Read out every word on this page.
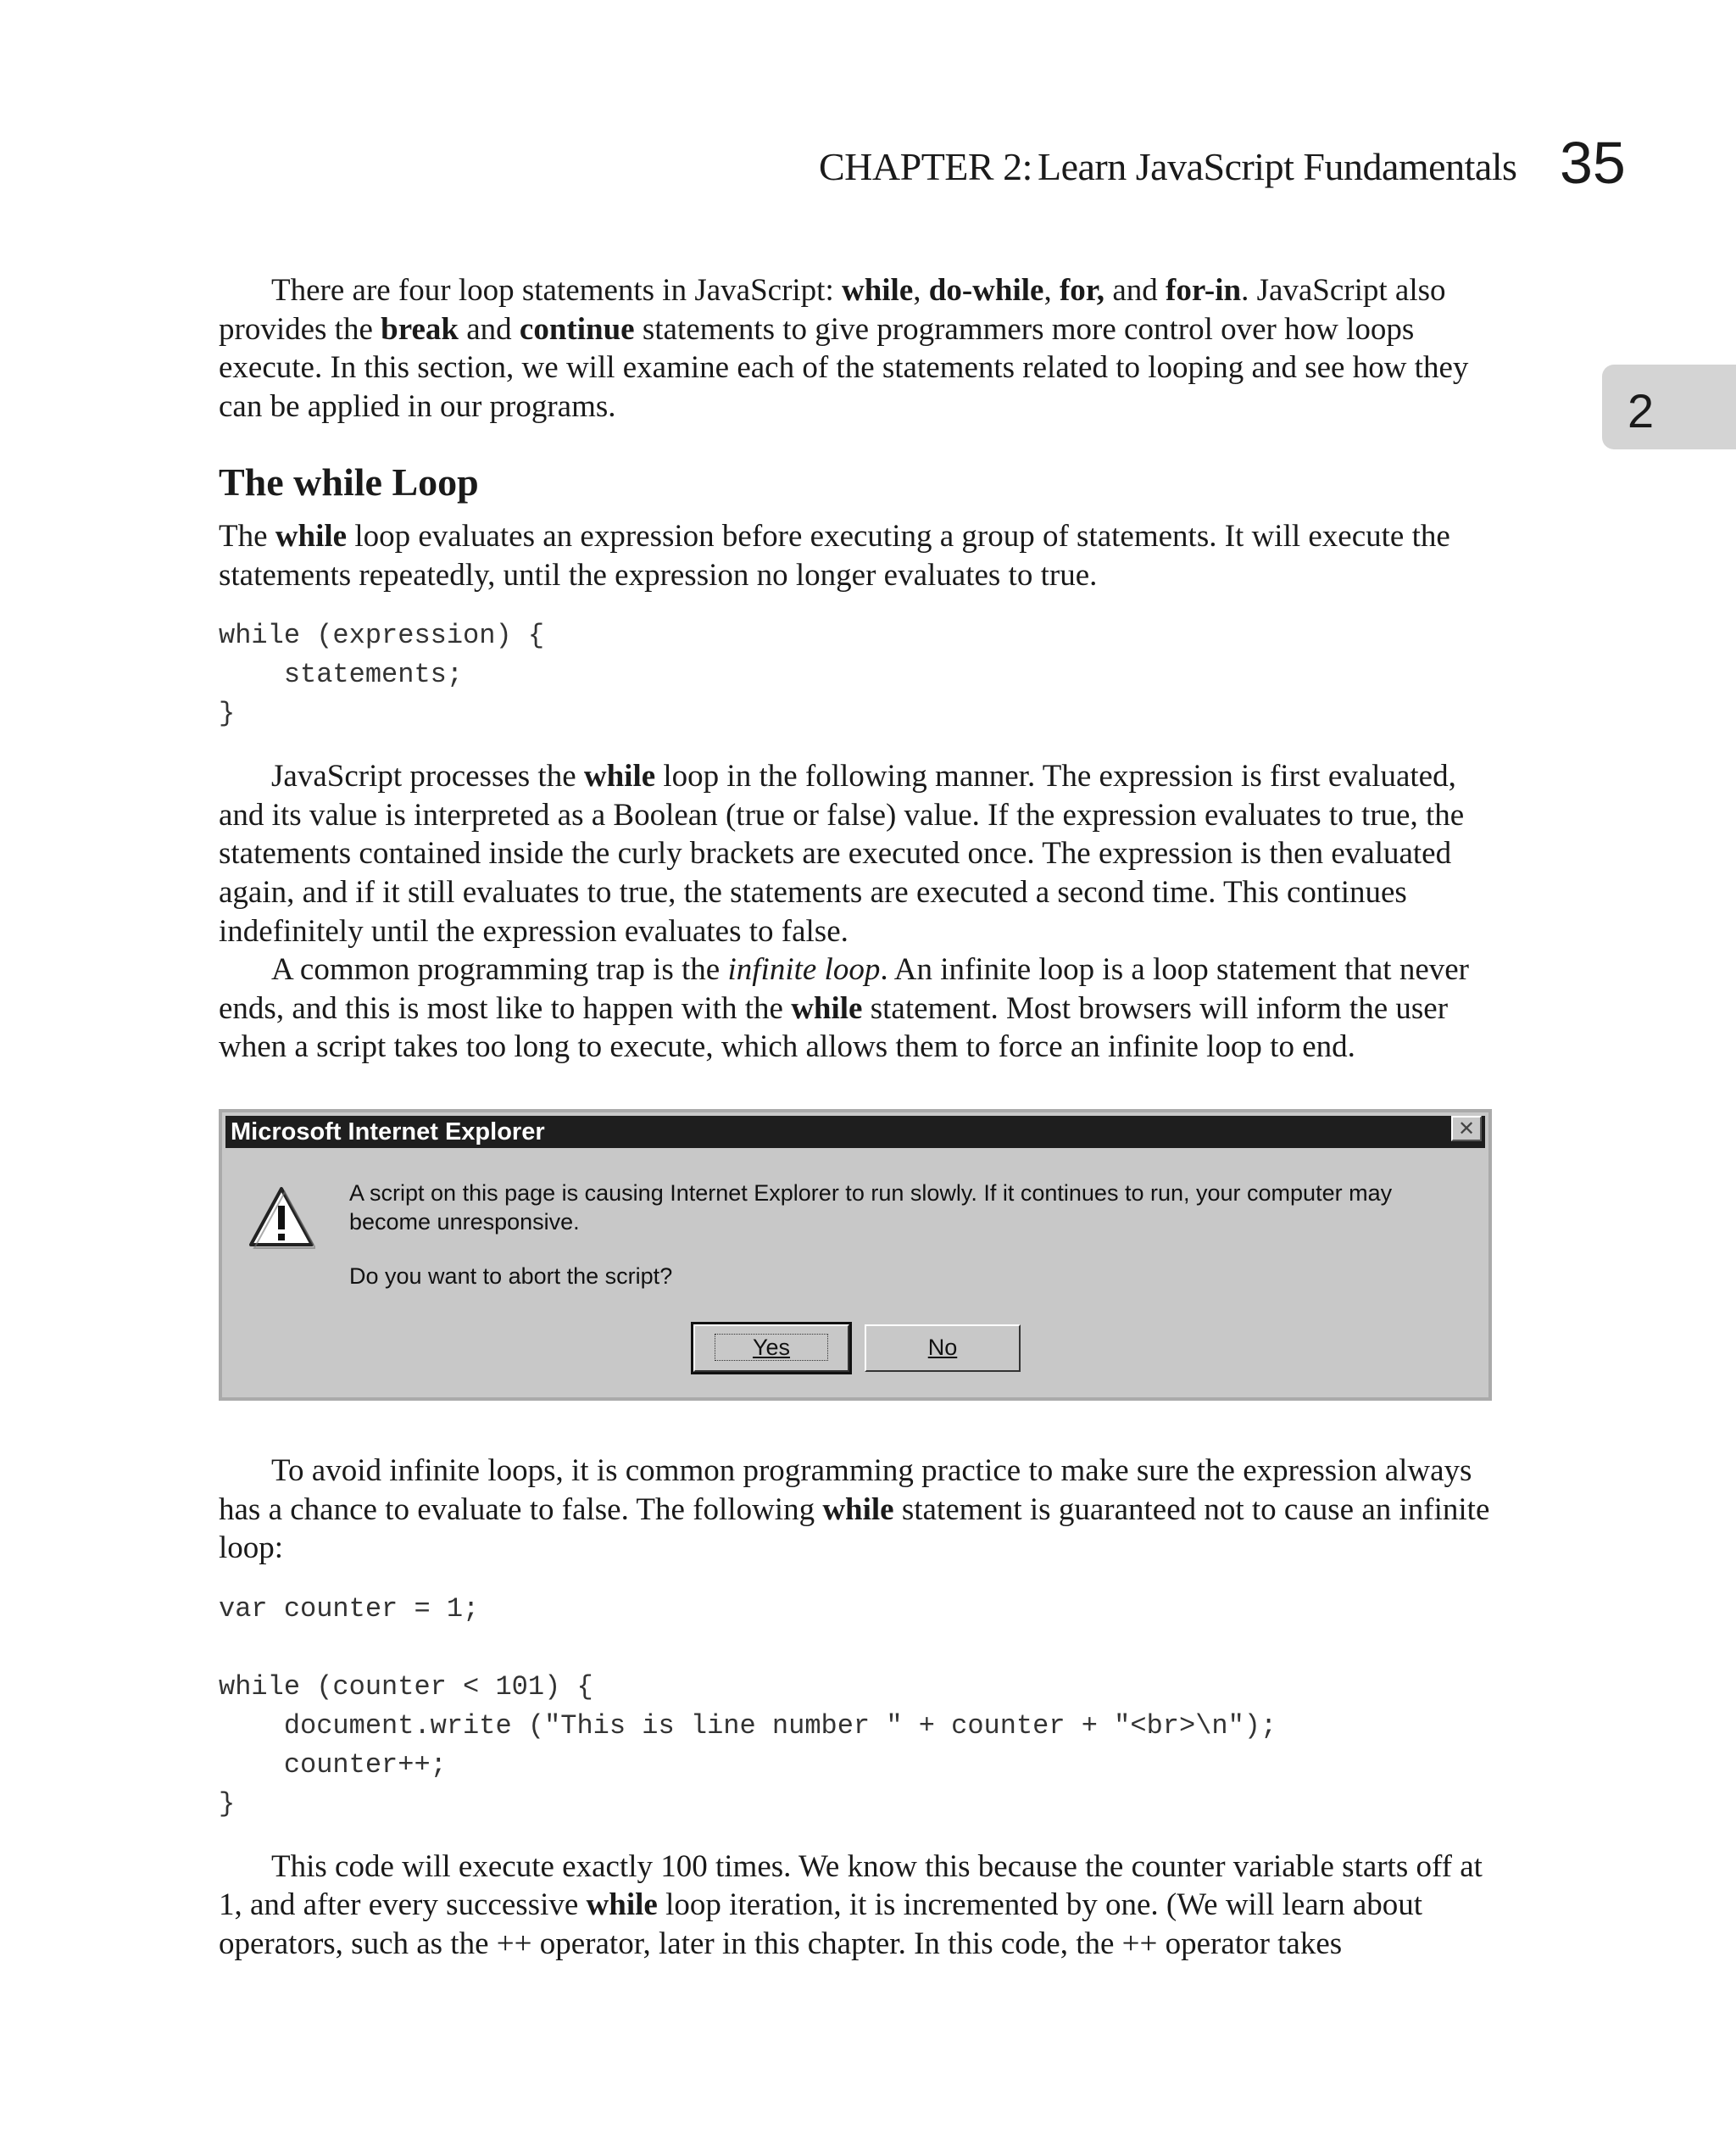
CHAPTER 2: Learn JavaScript Fundamentals 35
2

There are four loop statements in JavaScript: while, do-while, for, and for-in. JavaScript also provides the break and continue statements to give programmers more control over how loops execute. In this section, we will examine each of the statements related to looping and see how they can be applied in our programs.

The while Loop

The while loop evaluates an expression before executing a group of statements. It will execute the statements repeatedly, until the expression no longer evaluates to true.

while (expression) {
statements;
}

JavaScript processes the while loop in the following manner. The expression is first evaluated, and its value is interpreted as a Boolean (true or false) value. If the expression evaluates to true, the statements contained inside the curly brackets are executed once. The expression is then evaluated again, and if it still evaluates to true, the statements are executed a second time. This continues indefinitely until the expression evaluates to false.

A common programming trap is the infinite loop. An infinite loop is a loop statement that never ends, and this is most like to happen with the while statement. Most browsers will inform the user when a script takes too long to execute, which allows them to force an infinite loop to end.

Microsoft Internet Explorer	✕
A script on this page is causing Internet Explorer to run slowly. If it continues to run, your computer may become unresponsive.
Do you want to abort the script?
Yes	No

To avoid infinite loops, it is common programming practice to make sure the expression always has a chance to evaluate to false. The following while statement is guaranteed not to cause an infinite loop:

var counter = 1;

while (counter < 101) {
document.write ("This is line number " + counter + "<br>\n");
counter++;
}

This code will execute exactly 100 times. We know this because the counter variable starts off at 1, and after every successive while loop iteration, it is incremented by one. (We will learn about operators, such as the ++ operator, later in this chapter. In this code, the ++ operator takes
